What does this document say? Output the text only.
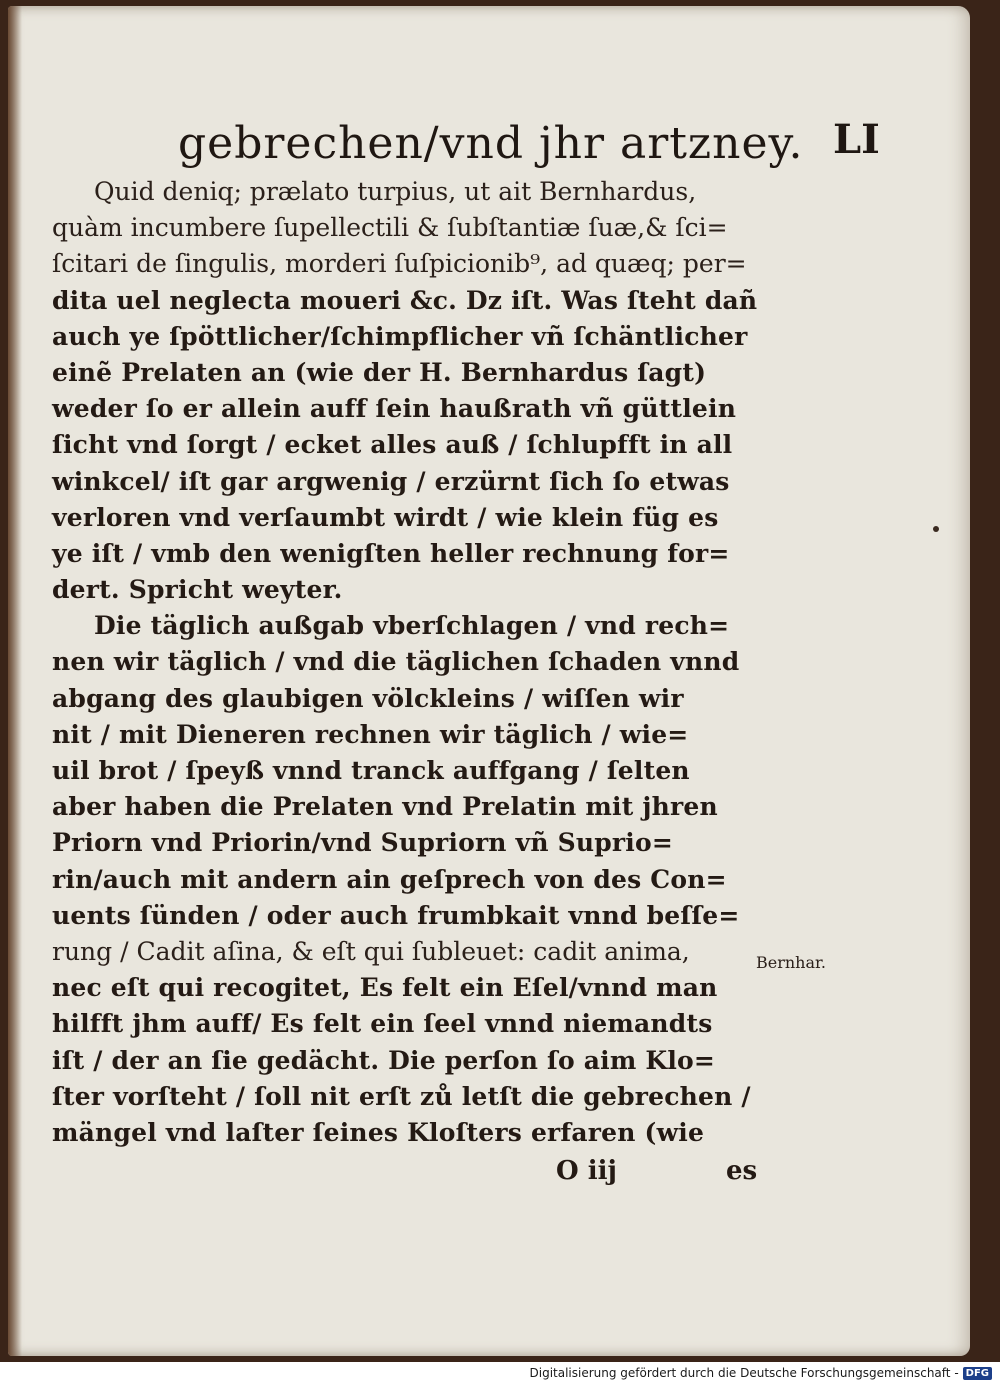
gebrechen/vnd jhr artzney. LI
Quid deniq; prælato turpius, ut ait Bernhardus,
quàm incumbere ſupellectili & ſubſtantiæ ſuæ,& ſci=
ſcitari de ſingulis, morderi ſuſpicionib⁹, ad quæq; per=
dita uel neglecta moueri &c. Dz iſt. Was ſteht dañ
auch ye ſpöttlicher/ſchimpflicher vñ ſchäntlicher
einẽ Prelaten an (wie der H. Bernhardus ſagt)
weder ſo er allein auff ſein haußrath vñ güttlein
ſicht vnd ſorgt / ecket alles auß / ſchlupfft in all
winkcel/ iſt gar argwenig / erzürnt ſich ſo etwas
verloren vnd verſaumbt wirdt / wie klein füg es
ye iſt / vmb den wenigſten heller rechnung for=
dert. Spricht weyter.
Die täglich außgab vberſchlagen / vnd rech=
nen wir täglich / vnd die täglichen ſchaden vnnd
abgang des glaubigen völckleins / wiſſen wir
nit / mit Dieneren rechnen wir täglich / wie=
uil brot / ſpeyß vnnd tranck auffgang / ſelten
aber haben die Prelaten vnd Prelatin mit jhren
Priorn vnd Priorin/vnd Supriorn vñ Suprio=
rin/auch mit andern ain geſprech von des Con=
uents ſünden / oder auch frumbkait vnnd beſſe=
rung / Cadit aſina, & eſt qui ſubleuet: cadit anima,
nec eſt qui recogitet, Es felt ein Eſel/vnnd man
hilfft jhm auff/ Es felt ein ſeel vnnd niemandts
iſt / der an ſie gedächt. Die perſon ſo aim Klo=
ſter vorſteht / ſoll nit erſt zů letſt die gebrechen /
mängel vnd laſter ſeines Kloſters erfaren (wie
Bernhar.
O iij	es
Digitalisierung gefördert durch die Deutsche Forschungsgemeinschaft - DFG
